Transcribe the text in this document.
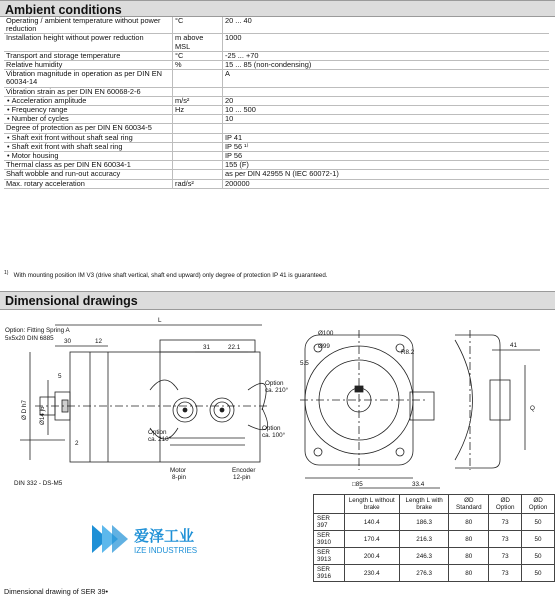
Ambient conditions
Operating / ambient temperature without power reduction	°C	20 ... 40
Installation height without power reduction	m above MSL	1000
Transport and storage temperature	°C	-25 ... +70
Relative humidity	%	15 ... 85 (non-condensing)
Vibration magnitude in operation as per DIN EN 60034-14		A
Vibration strain as per DIN EN 60068-2-6		
• Acceleration amplitude	m/s²	20
• Frequency range	Hz	10 ... 500
• Number of cycles		10
Degree of protection as per DIN EN 60034-5		
• Shaft exit front without shaft seal ring		IP 41
• Shaft exit front with shaft seal ring		IP 56 ¹⁾
• Motor housing		IP 56
Thermal class as per DIN EN 60034-1		155 (F)
Shaft wobble and run-out accuracy		as per DIN 42955 N (IEC 60072-1)
Max. rotary acceleration	rad/s²	200000
$^{1)}$ With mounting position IM V3 (drive shaft vertical, shaft end upward) only degree of protection IP 41 is guaranteed.
Dimensional drawings
Option: Fitting Spring A
5x5x20 DIN 6885
L
30	12
31	22.1
5
Ø D h7 Ø14 j6
2
DIN 332 - DS-M5
Option
ca. 210°
Option
ca. 100°
Option
ca. 210°
Motor
8-pin
Encoder
12-pin
Ø100
Ø99
R8.2
5.5
□85	33.4
41
Q
爱泽工业
IZE INDUSTRIES
	Length L without brake	Length L with brake	ØD Standard	ØD Option	ØD Option
SER 397	140.4	186.3	80	73	50
SER 3910	170.4	216.3	80	73	50
SER 3913	200.4	246.3	80	73	50
SER 3916	230.4	276.3	80	73	50
Dimensional drawing of SER 39•
